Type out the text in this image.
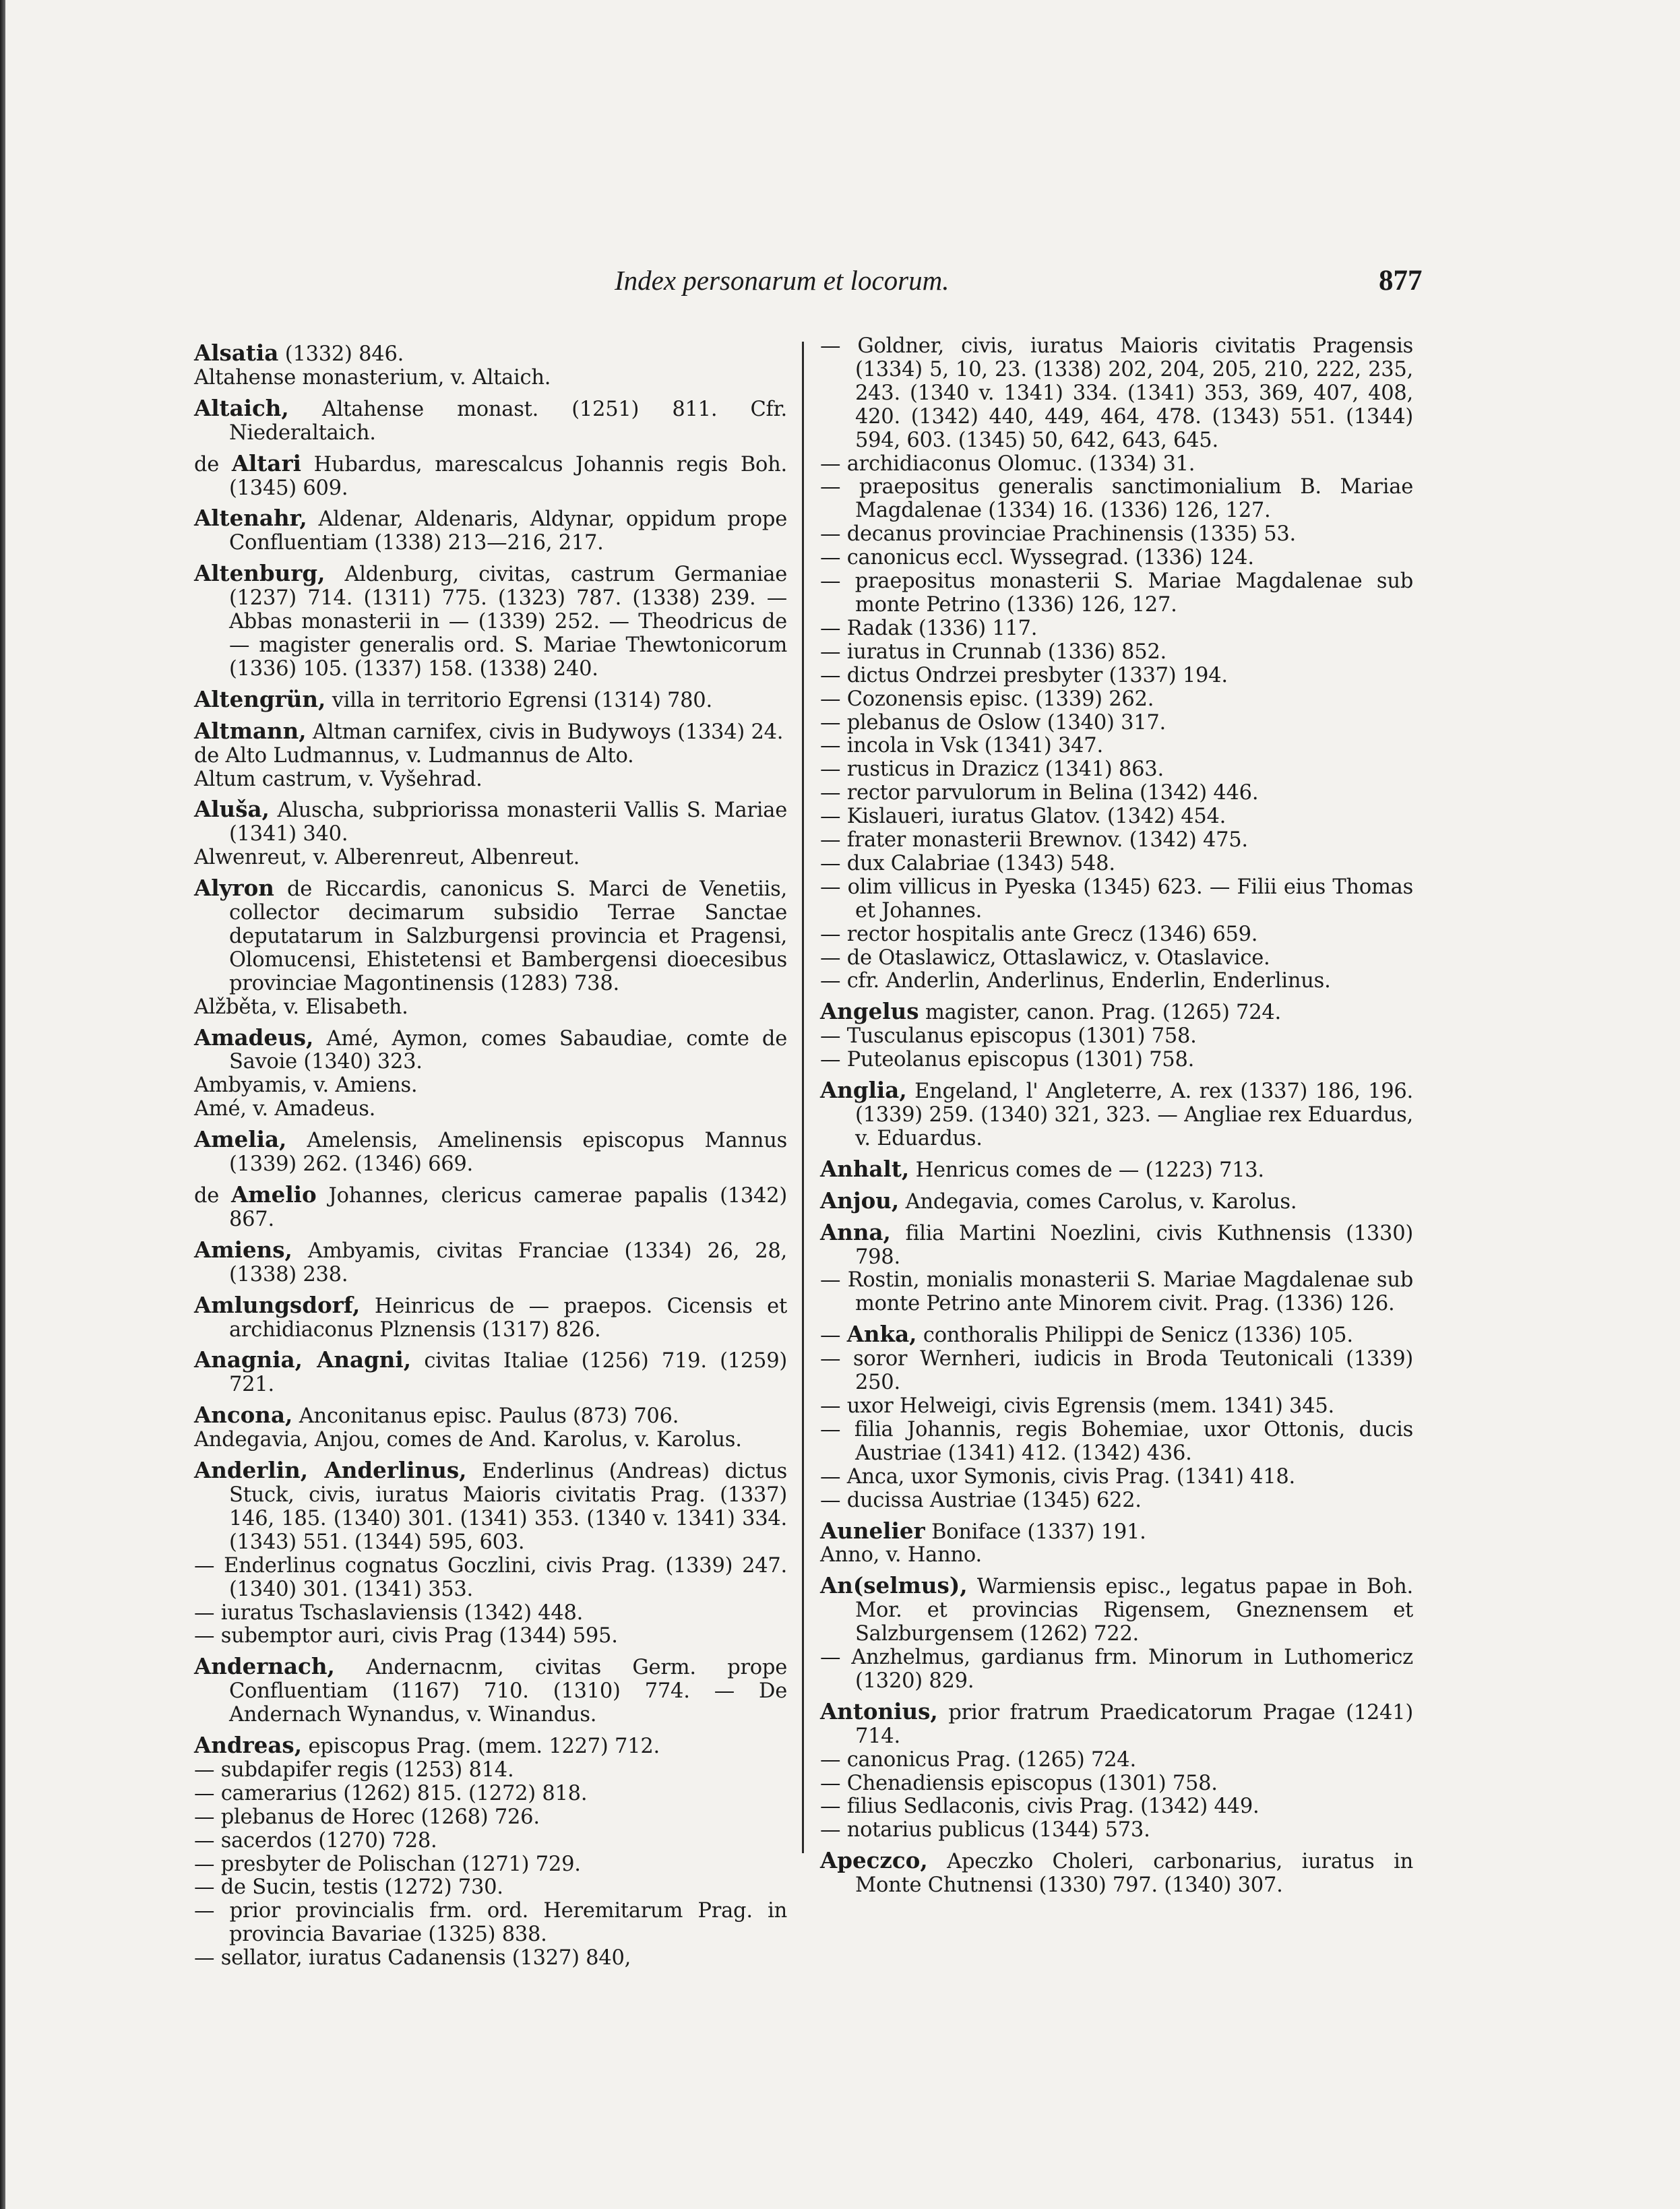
Index personarum et locorum.	877
Alsatia (1332) 846.
Altahense monasterium, v. Altaich.
Altaich, Altahense monast. (1251) 811. Cfr. Niederaltaich.
de Altari Hubardus, marescalcus Johannis regis Boh. (1345) 609.
Altenahr, Aldenar, Aldenaris, Aldynar, oppidum prope Confluentiam (1338) 213—216, 217.
Altenburg, Aldenburg, civitas, castrum Germaniae (1237) 714. (1311) 775. (1323) 787. (1338) 239. — Abbas monasterii in — (1339) 252. — Theodricus de — magister generalis ord. S. Mariae Thewtonicorum (1336) 105. (1337) 158. (1338) 240.
Altengrün, villa in territorio Egrensi (1314) 780.
Altmann, Altman carnifex, civis in Budywoys (1334) 24.
de Alto Ludmannus, v. Ludmannus de Alto.
Altum castrum, v. Vyšehrad.
Aluša, Aluscha, subpriorissa monasterii Vallis S. Mariae (1341) 340.
Alwenreut, v. Alberenreut, Albenreut.
Alyron de Riccardis, canonicus S. Marci de Venetiis, collector decimarum subsidio Terrae Sanctae deputatarum in Salzburgensi provincia et Pragensi, Olomucensi, Ehistetensi et Bambergensi dioecesibus provinciae Magontinensis (1283) 738.
Alžběta, v. Elisabeth.
Amadeus, Amé, Aymon, comes Sabaudiae, comte de Savoie (1340) 323.
Ambyamis, v. Amiens.
Amé, v. Amadeus.
Amelia, Amelensis, Amelinensis episcopus Mannus (1339) 262. (1346) 669.
de Amelio Johannes, clericus camerae papalis (1342) 867.
Amiens, Ambyamis, civitas Franciae (1334) 26, 28, (1338) 238.
Amlungsdorf, Heinricus de — praepos. Cicensis et archidiaconus Plznensis (1317) 826.
Anagnia, Anagni, civitas Italiae (1256) 719. (1259) 721.
Ancona, Anconitanus episc. Paulus (873) 706.
Andegavia, Anjou, comes de And. Karolus, v. Karolus.
Anderlin, Anderlinus, Enderlinus (Andreas) dictus Stuck, civis, iuratus Maioris civitatis Prag. (1337) 146, 185. (1340) 301. (1341) 353. (1340 v. 1341) 334. (1343) 551. (1344) 595, 603.
— Enderlinus cognatus Goczlini, civis Prag. (1339) 247. (1340) 301. (1341) 353.
— iuratus Tschaslaviensis (1342) 448.
— subemptor auri, civis Prag (1344) 595.
Andernach, Andernacnm, civitas Germ. prope Confluentiam (1167) 710. (1310) 774. — De Andernach Wynandus, v. Winandus.
Andreas, episcopus Prag. (mem. 1227) 712.
— subdapifer regis (1253) 814.
— camerarius (1262) 815. (1272) 818.
— plebanus de Horec (1268) 726.
— sacerdos (1270) 728.
— presbyter de Polischan (1271) 729.
— de Sucin, testis (1272) 730.
— prior provincialis frm. ord. Heremitarum Prag. in provincia Bavariae (1325) 838.
— sellator, iuratus Cadanensis (1327) 840,
— Goldner, civis, iuratus Maioris civitatis Pragensis (1334) 5, 10, 23. (1338) 202, 204, 205, 210, 222, 235, 243. (1340 v. 1341) 334. (1341) 353, 369, 407, 408, 420. (1342) 440, 449, 464, 478. (1343) 551. (1344) 594, 603. (1345) 50, 642, 643, 645.
— archidiaconus Olomuc. (1334) 31.
— praepositus generalis sanctimonialium B. Mariae Magdalenae (1334) 16. (1336) 126, 127.
— decanus provinciae Prachinensis (1335) 53.
— canonicus eccl. Wyssegrad. (1336) 124.
— praepositus monasterii S. Mariae Magdalenae sub monte Petrino (1336) 126, 127.
— Radak (1336) 117.
— iuratus in Crunnab (1336) 852.
— dictus Ondrzei presbyter (1337) 194.
— Cozonensis episc. (1339) 262.
— plebanus de Oslow (1340) 317.
— incola in Vsk (1341) 347.
— rusticus in Drazicz (1341) 863.
— rector parvulorum in Belina (1342) 446.
— Kislaueri, iuratus Glatov. (1342) 454.
— frater monasterii Brewnov. (1342) 475.
— dux Calabriae (1343) 548.
— olim villicus in Pyeska (1345) 623. — Filii eius Thomas et Johannes.
— rector hospitalis ante Grecz (1346) 659.
— de Otaslawicz, Ottaslawicz, v. Otaslavice.
— cfr. Anderlin, Anderlinus, Enderlin, Enderlinus.
Angelus magister, canon. Prag. (1265) 724.
— Tusculanus episcopus (1301) 758.
— Puteolanus episcopus (1301) 758.
Anglia, Engeland, l' Angleterre, A. rex (1337) 186, 196. (1339) 259. (1340) 321, 323. — Angliae rex Eduardus, v. Eduardus.
Anhalt, Henricus comes de — (1223) 713.
Anjou, Andegavia, comes Carolus, v. Karolus.
Anna, filia Martini Noezlini, civis Kuthnensis (1330) 798.
— Rostin, monialis monasterii S. Mariae Magdalenae sub monte Petrino ante Minorem civit. Prag. (1336) 126.
— Anka, conthoralis Philippi de Senicz (1336) 105.
— soror Wernheri, iudicis in Broda Teutonicali (1339) 250.
— uxor Helweigi, civis Egrensis (mem. 1341) 345.
— filia Johannis, regis Bohemiae, uxor Ottonis, ducis Austriae (1341) 412. (1342) 436.
— Anca, uxor Symonis, civis Prag. (1341) 418.
— ducissa Austriae (1345) 622.
Aunelier Boniface (1337) 191.
Anno, v. Hanno.
An(selmus), Warmiensis episc., legatus papae in Boh. Mor. et provincias Rigensem, Gneznensem et Salzburgensem (1262) 722.
— Anzhelmus, gardianus frm. Minorum in Luthomericz (1320) 829.
Antonius, prior fratrum Praedicatorum Pragae (1241) 714.
— canonicus Prag. (1265) 724.
— Chenadiensis episcopus (1301) 758.
— filius Sedlaconis, civis Prag. (1342) 449.
— notarius publicus (1344) 573.
Apeczco, Apeczko Choleri, carbonarius, iuratus in Monte Chutnensi (1330) 797. (1340) 307.
